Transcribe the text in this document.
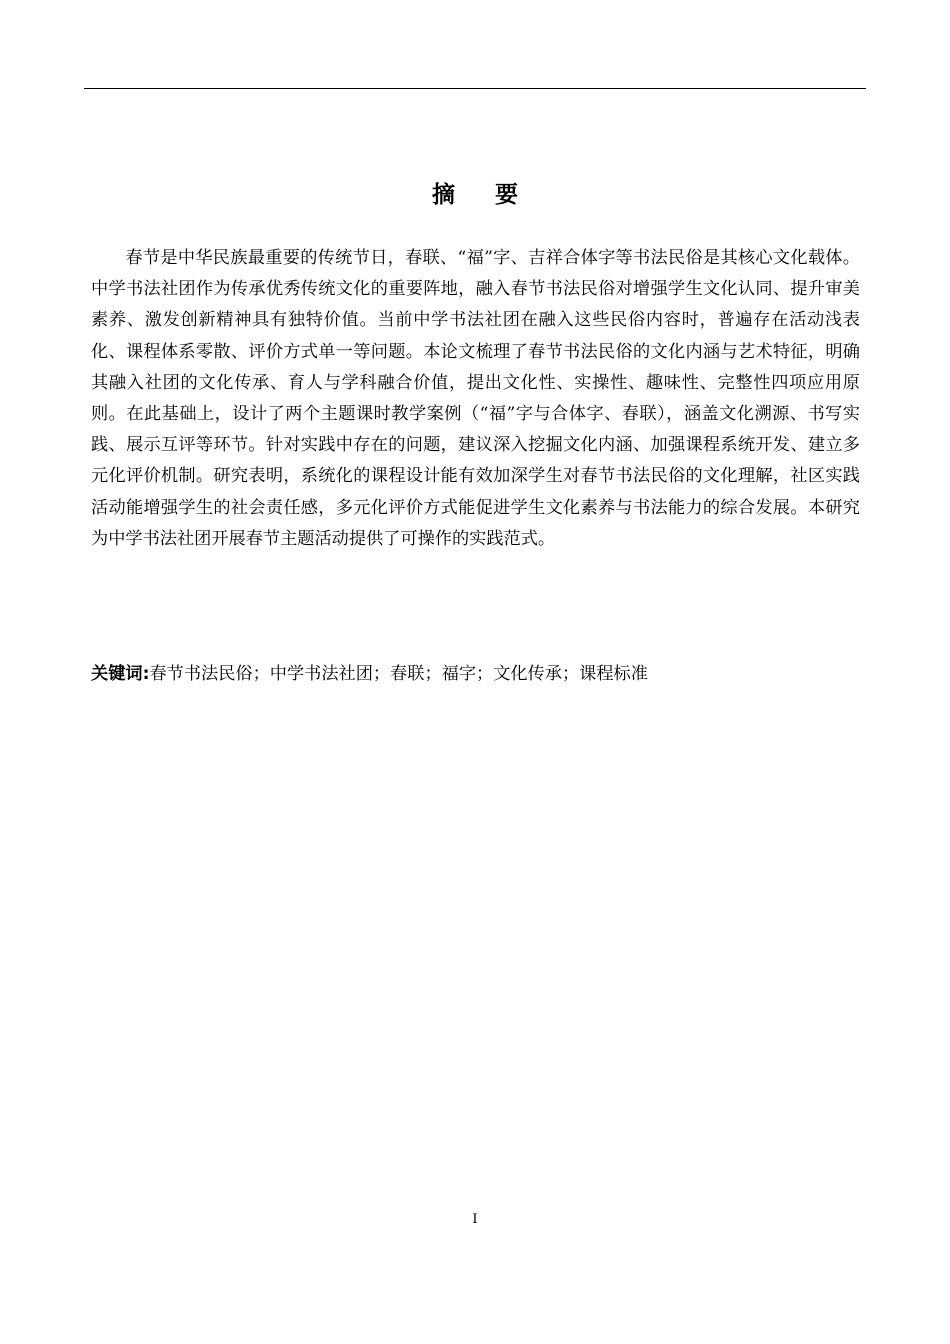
摘要

春节是中华民族最重要的传统节日，春联、“福”字、吉祥合体字等书法民俗是其核心文化载体。中学书法社团作为传承优秀传统文化的重要阵地，融入春节书法民俗对增强学生文化认同、提升审美素养、激发创新精神具有独特价值。当前中学书法社团在融入这些民俗内容时，普遍存在活动浅表化、课程体系零散、评价方式单一等问题。本论文梳理了春节书法民俗的文化内涵与艺术特征，明确其融入社团的文化传承、育人与学科融合价值，提出文化性、实操性、趣味性、完整性四项应用原则。在此基础上，设计了两个主题课时教学案例（“福”字与合体字、春联），涵盖文化溯源、书写实践、展示互评等环节。针对实践中存在的问题，建议深入挖掘文化内涵、加强课程系统开发、建立多元化评价机制。研究表明，系统化的课程设计能有效加深学生对春节书法民俗的文化理解，社区实践活动能增强学生的社会责任感，多元化评价方式能促进学生文化素养与书法能力的综合发展。本研究为中学书法社团开展春节主题活动提供了可操作的实践范式。

关键词:春节书法民俗；中学书法社团；春联；福字；文化传承；课程标准
I
